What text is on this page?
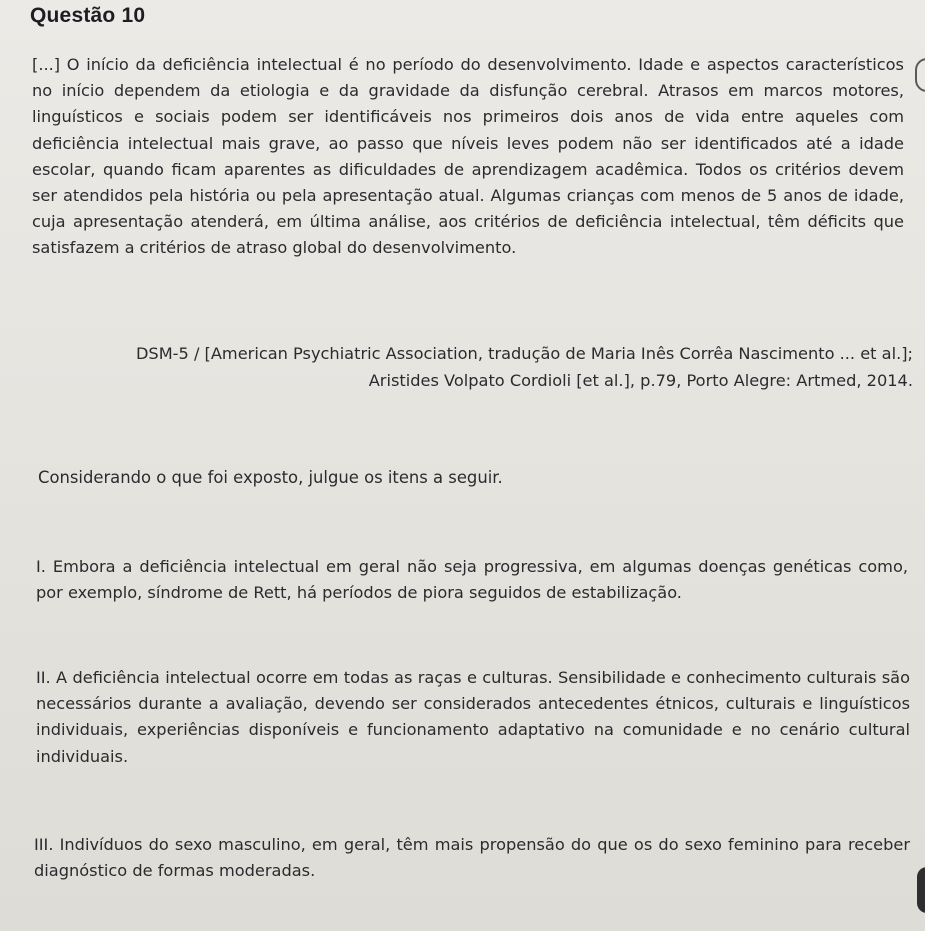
Questão 10
[...] O início da deficiência intelectual é no período do desenvolvimento. Idade e aspectos característicos no início dependem da etiologia e da gravidade da disfunção cerebral. Atrasos em marcos motores, linguísticos e sociais podem ser identificáveis nos primeiros dois anos de vida entre aqueles com deficiência intelectual mais grave, ao passo que níveis leves podem não ser identificados até a idade escolar, quando ficam aparentes as dificuldades de aprendizagem acadêmica. Todos os critérios devem ser atendidos pela história ou pela apresentação atual. Algumas crianças com menos de 5 anos de idade, cuja apresentação atenderá, em última análise, aos critérios de deficiência intelectual, têm déficits que satisfazem a critérios de atraso global do desenvolvimento.
DSM-5 / [American Psychiatric Association, tradução de Maria Inês Corrêa Nascimento ... et al.];
Aristides Volpato Cordioli [et al.], p.79, Porto Alegre: Artmed, 2014.
Considerando o que foi exposto, julgue os itens a seguir.
I. Embora a deficiência intelectual em geral não seja progressiva, em algumas doenças genéticas como, por exemplo, síndrome de Rett, há períodos de piora seguidos de estabilização.
II. A deficiência intelectual ocorre em todas as raças e culturas. Sensibilidade e conhecimento culturais são necessários durante a avaliação, devendo ser considerados antecedentes étnicos, culturais e linguísticos individuais, experiências disponíveis e funcionamento adaptativo na comunidade e no cenário cultural individuais.
III. Indivíduos do sexo masculino, em geral, têm mais propensão do que os do sexo feminino para receber diagnóstico de formas moderadas.
